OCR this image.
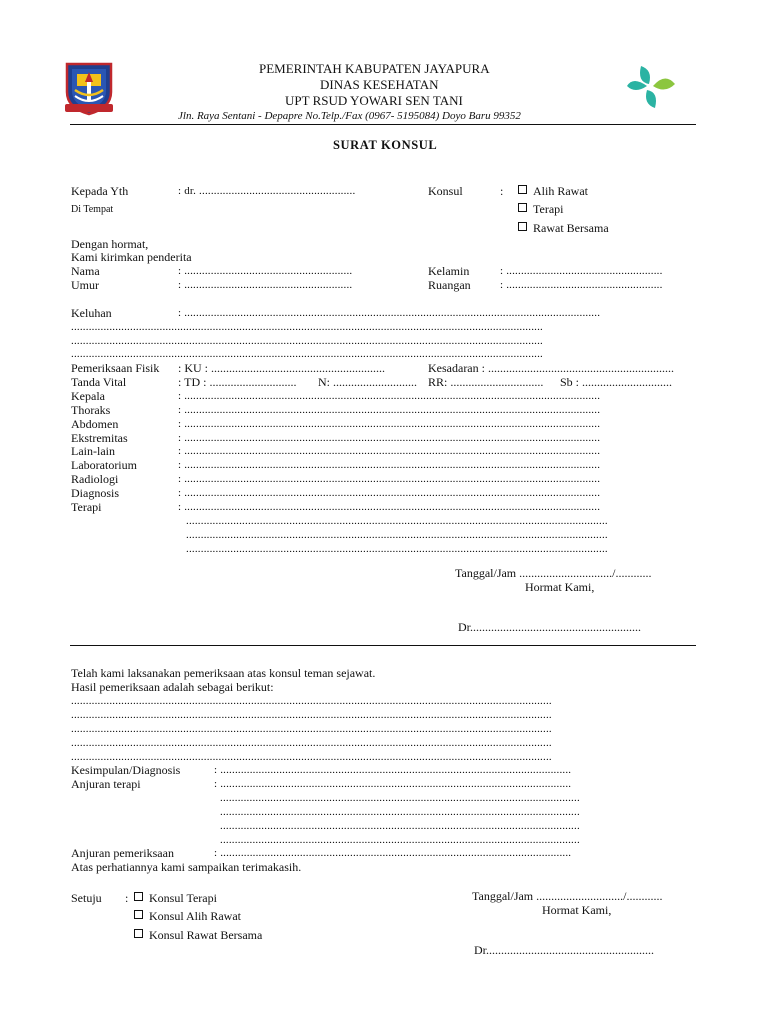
PEMERINTAH KABUPATEN JAYAPURA
DINAS KESEHATAN
UPT RSUD YOWARI SEN TANI
Jln. Raya Sentani - Depapre No.Telp./Fax (0967- 5195084) Doyo Baru 99352
SURAT KONSUL
Kepada Yth	: dr. .....................................................
Di Tempat
Konsul	:	Alih Rawat
Terapi
Rawat Bersama
Dengan hormat,
Kami kirimkan penderita
Nama	: .........................................................	Kelamin	: .....................................................
Umur	: .........................................................	Ruangan	: .....................................................
Keluhan	: .............................................................................................................................................
................................................................................................................................................................
................................................................................................................................................................
................................................................................................................................................................
Pemeriksaan Fisik : KU : ..........................................................	Kesadaran : ..............................................................
Tanda Vital	: TD : ............................. N: ............................ RR: ............................... Sb : ..............................
Kepala	: .............................................................................................................................................
Thoraks	: .............................................................................................................................................
Abdomen	: .............................................................................................................................................
Ekstremitas	: .............................................................................................................................................
Lain-lain	: .............................................................................................................................................
Laboratorium	: .............................................................................................................................................
Radiologi	: .............................................................................................................................................
Diagnosis	: .............................................................................................................................................
Terapi	: .............................................................................................................................................
...............................................................................................................................................
...............................................................................................................................................
...............................................................................................................................................
Tanggal/Jam .............................../............
Hormat Kami,
Dr.........................................................
Telah kami laksanakan pemeriksaan atas konsul teman sejawat.
Hasil pemeriksaan adalah sebagai berikut:
...................................................................................................................................................................
...................................................................................................................................................................
...................................................................................................................................................................
...................................................................................................................................................................
...................................................................................................................................................................
Kesimpulan/Diagnosis	: .......................................................................................................................
Anjuran terapi	: .......................................................................................................................
..........................................................................................................................
..........................................................................................................................
..........................................................................................................................
..........................................................................................................................
Anjuran pemeriksaan	: .......................................................................................................................
Atas perhatiannya kami sampaikan terimakasih.
Setuju :	Konsul Terapi
Konsul Alih Rawat
Konsul Rawat Bersama
Tanggal/Jam ............................./............
Hormat Kami,
Dr........................................................
